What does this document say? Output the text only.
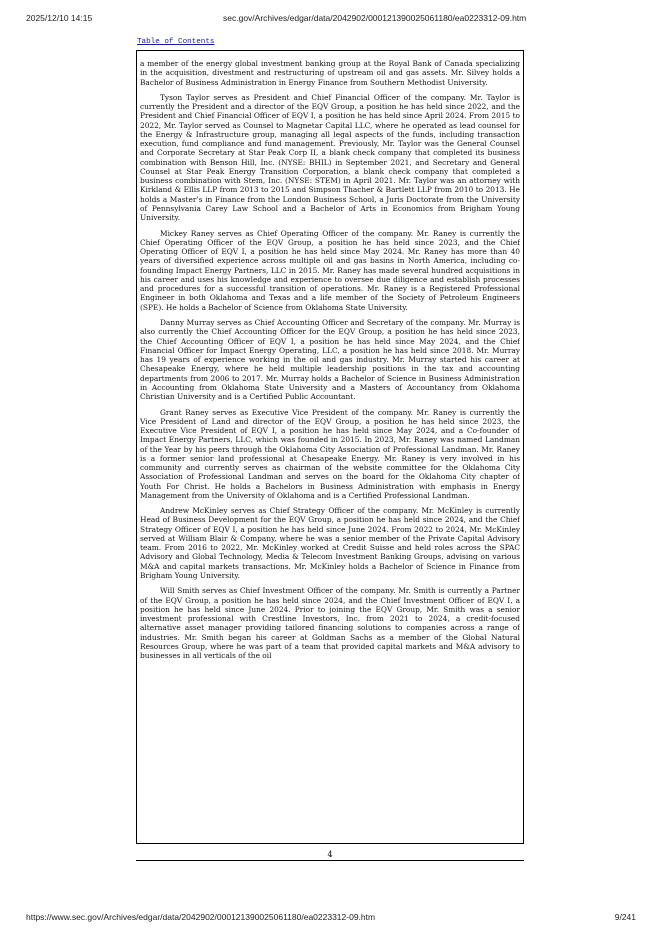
2025/12/10 14:15	sec.gov/Archives/edgar/data/2042902/000121390025061180/ea0223312-09.htm
Table of Contents

a member of the energy global investment banking group at the Royal Bank of Canada specializing in the acquisition, divestment and restructuring of upstream oil and gas assets. Mr. Silvey holds a Bachelor of Business Administration in Energy Finance from Southern Methodist University.

Tyson Taylor serves as President and Chief Financial Officer of the company. Mr. Taylor is currently the President and a director of the EQV Group, a position he has held since 2022, and the President and Chief Financial Officer of EQV I, a position he has held since April 2024. From 2015 to 2022, Mr. Taylor served as Counsel to Magnetar Capital LLC, where he operated as lead counsel for the Energy & Infrastructure group, managing all legal aspects of the funds, including transaction execution, fund compliance and fund management. Previously, Mr. Taylor was the General Counsel and Corporate Secretary at Star Peak Corp II, a blank check company that completed its business combination with Benson Hill, Inc. (NYSE: BHIL) in September 2021, and Secretary and General Counsel at Star Peak Energy Transition Corporation, a blank check company that completed a business combination with Stem, Inc. (NYSE: STEM) in April 2021. Mr. Taylor was an attorney with Kirkland & Ellis LLP from 2013 to 2015 and Simpson Thacher & Bartlett LLP from 2010 to 2013. He holds a Master’s in Finance from the London Business School, a Juris Doctorate from the University of Pennsylvania Carey Law School and a Bachelor of Arts in Economics from Brigham Young University.

Mickey Raney serves as Chief Operating Officer of the company. Mr. Raney is currently the Chief Operating Officer of the EQV Group, a position he has held since 2023, and the Chief Operating Officer of EQV I, a position he has held since May 2024. Mr. Raney has more than 40 years of diversified experience across multiple oil and gas basins in North America, including co-founding Impact Energy Partners, LLC in 2015. Mr. Raney has made several hundred acquisitions in his career and uses his knowledge and experience to oversee due diligence and establish processes and procedures for a successful transition of operations. Mr. Raney is a Registered Professional Engineer in both Oklahoma and Texas and a life member of the Society of Petroleum Engineers (SPE). He holds a Bachelor of Science from Oklahoma State University.

Danny Murray serves as Chief Accounting Officer and Secretary of the company. Mr. Murray is also currently the Chief Accounting Officer for the EQV Group, a position he has held since 2023, the Chief Accounting Officer of EQV I, a position he has held since May 2024, and the Chief Financial Officer for Impact Energy Operating, LLC, a position he has held since 2018. Mr. Murray has 19 years of experience working in the oil and gas industry. Mr. Murray started his career at Chesapeake Energy, where he held multiple leadership positions in the tax and accounting departments from 2006 to 2017. Mr. Murray holds a Bachelor of Science in Business Administration in Accounting from Oklahoma State University and a Masters of Accountancy from Oklahoma Christian University and is a Certified Public Accountant.

Grant Raney serves as Executive Vice President of the company. Mr. Raney is currently the Vice President of Land and director of the EQV Group, a position he has held since 2023, the Executive Vice President of EQV I, a position he has held since May 2024, and a Co-founder of Impact Energy Partners, LLC, which was founded in 2015. In 2023, Mr. Raney was named Landman of the Year by his peers through the Oklahoma City Association of Professional Landman. Mr. Raney is a former senior land professional at Chesapeake Energy. Mr. Raney is very involved in his community and currently serves as chairman of the website committee for the Oklahoma City Association of Professional Landman and serves on the board for the Oklahoma City chapter of Youth For Christ. He holds a Bachelors in Business Administration with emphasis in Energy Management from the University of Oklahoma and is a Certified Professional Landman.

Andrew McKinley serves as Chief Strategy Officer of the company. Mr. McKinley is currently Head of Business Development for the EQV Group, a position he has held since 2024, and the Chief Strategy Officer of EQV I, a position he has held since June 2024. From 2022 to 2024, Mr. McKinley served at William Blair & Company, where he was a senior member of the Private Capital Advisory team. From 2016 to 2022, Mr. McKinley worked at Credit Suisse and held roles across the SPAC Advisory and Global Technology, Media & Telecom Investment Banking Groups, advising on various M&A and capital markets transactions. Mr. McKinley holds a Bachelor of Science in Finance from Brigham Young University.

Will Smith serves as Chief Investment Officer of the company. Mr. Smith is currently a Partner of the EQV Group, a position he has held since 2024, and the Chief Investment Officer of EQV I, a position he has held since June 2024. Prior to joining the EQV Group, Mr. Smith was a senior investment professional with Crestline Investors, Inc. from 2021 to 2024, a credit-focused alternative asset manager providing tailored financing solutions to companies across a range of industries. Mr. Smith began his career at Goldman Sachs as a member of the Global Natural Resources Group, where he was part of a team that provided capital markets and M&A advisory to businesses in all verticals of the oil

4
https://www.sec.gov/Archives/edgar/data/2042902/000121390025061180/ea0223312-09.htm	9/241
